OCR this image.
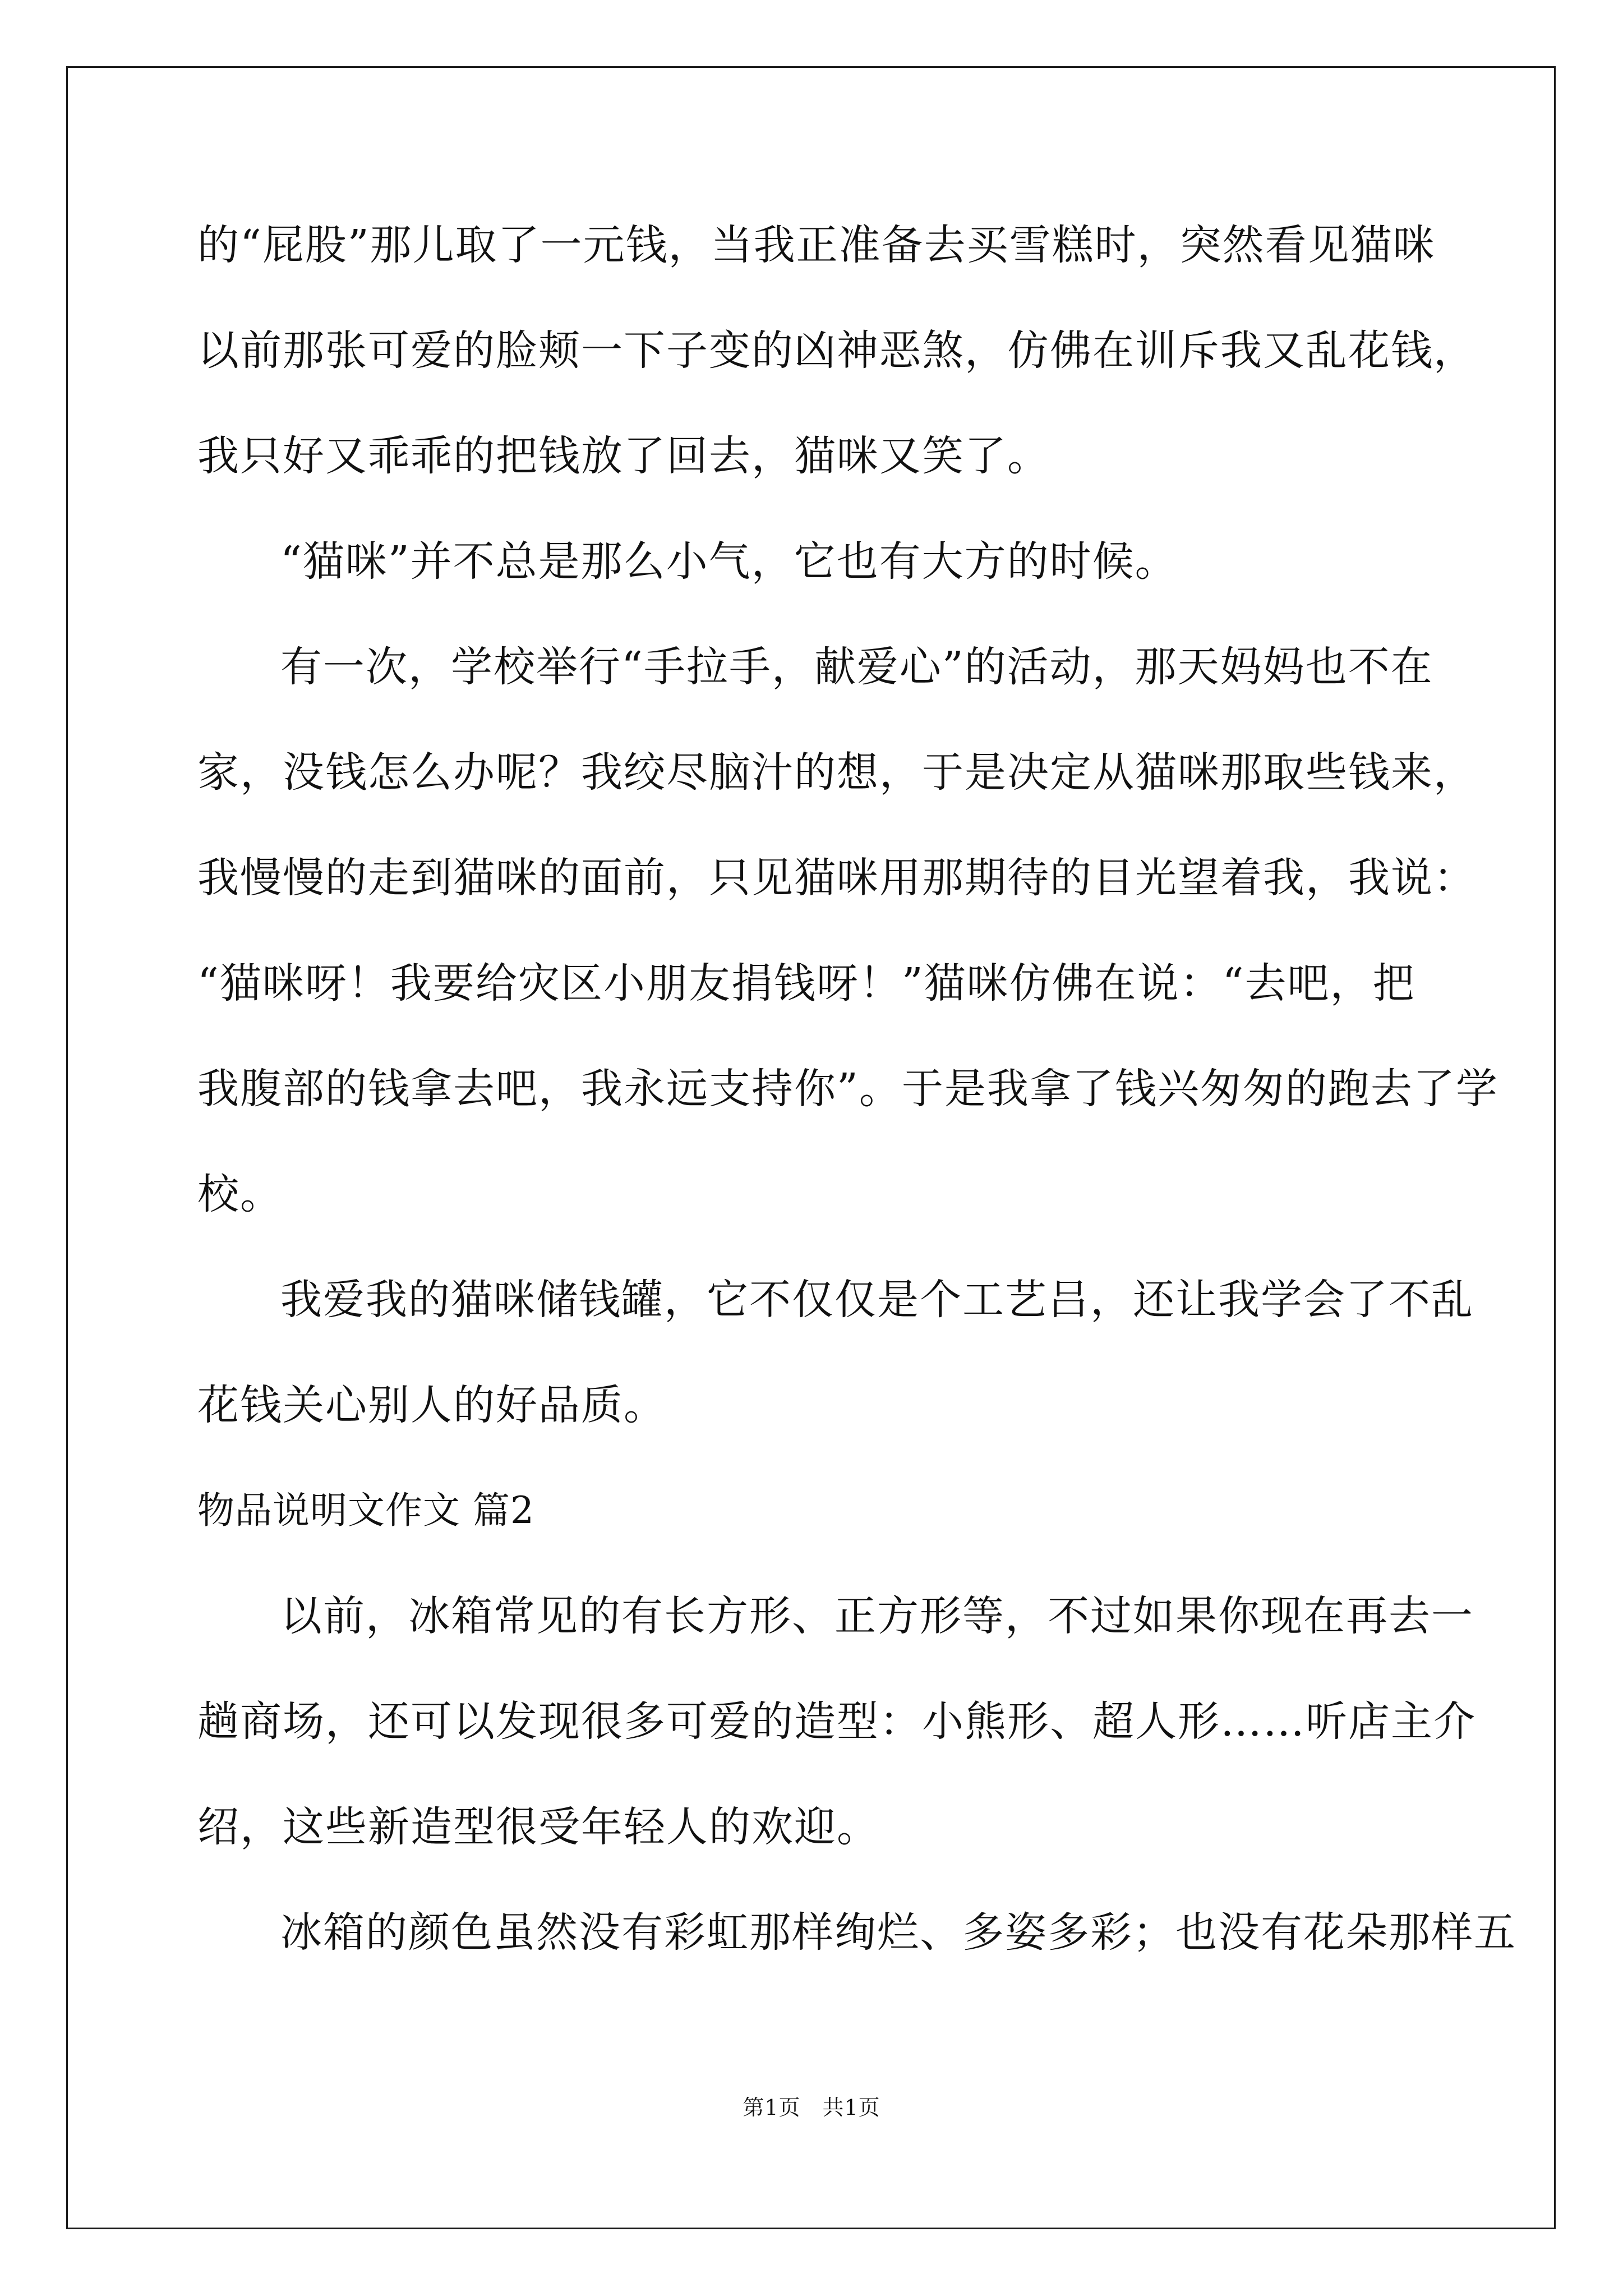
的“屁股”那儿取了一元钱，当我正准备去买雪糕时，突然看见猫咪

以前那张可爱的脸颊一下子变的凶神恶煞，仿佛在训斥我又乱花钱，

我只好又乖乖的把钱放了回去，猫咪又笑了。

“猫咪”并不总是那么小气，它也有大方的时候。

有一次，学校举行“手拉手，献爱心”的活动，那天妈妈也不在

家，没钱怎么办呢？我绞尽脑汁的想，于是决定从猫咪那取些钱来，

我慢慢的走到猫咪的面前，只见猫咪用那期待的目光望着我，我说：

“猫咪呀！我要给灾区小朋友捐钱呀！”猫咪仿佛在说：“去吧，把

我腹部的钱拿去吧，我永远支持你”。于是我拿了钱兴匆匆的跑去了学

校。

我爱我的猫咪储钱罐，它不仅仅是个工艺吕，还让我学会了不乱

花钱关心别人的好品质。

物品说明文作文 篇2

以前，冰箱常见的有长方形、正方形等，不过如果你现在再去一

趟商场，还可以发现很多可爱的造型：小熊形、超人形……听店主介

绍，这些新造型很受年轻人的欢迎。

冰箱的颜色虽然没有彩虹那样绚烂、多姿多彩；也没有花朵那样五

第1页　共1页
